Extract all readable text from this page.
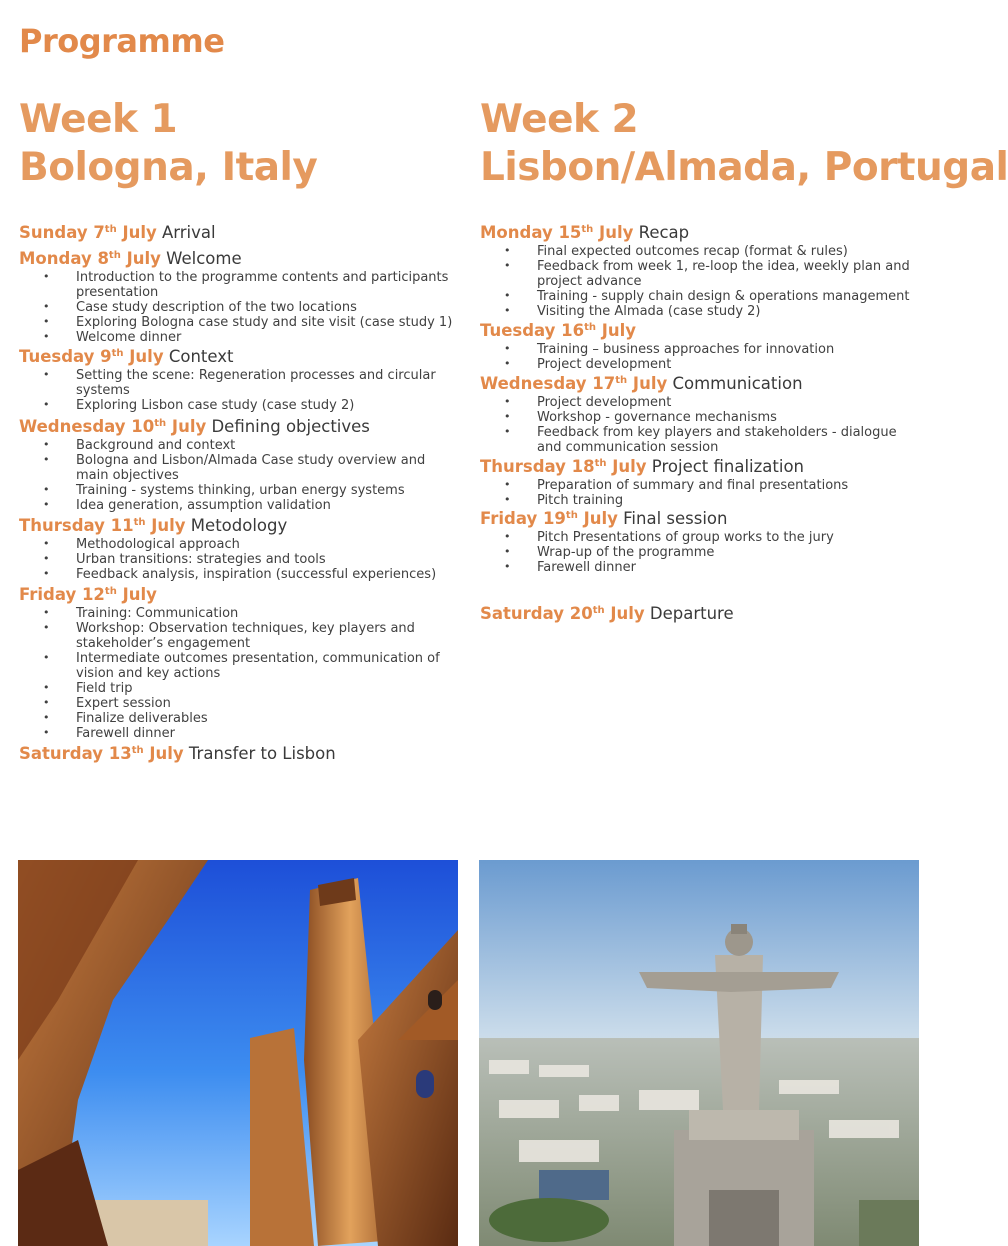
Programme
Week 1
Bologna, Italy
Sunday 7th July Arrival
Monday 8th July Welcome
• Introduction to the programme contents and participants presentation
• Case study description of the two locations
• Exploring Bologna case study and site visit (case study 1)
• Welcome dinner
Tuesday 9th July Context
• Setting the scene: Regeneration processes and circular systems
• Exploring Lisbon case study (case study 2)
Wednesday 10th July Defining objectives
• Background and context
• Bologna and Lisbon/Almada Case study overview and main objectives
• Training - systems thinking, urban energy systems
• Idea generation, assumption validation
Thursday 11th July Metodology
• Methodological approach
• Urban transitions: strategies and tools
• Feedback analysis, inspiration (successful experiences)
Friday 12th July
• Training: Communication
• Workshop: Observation techniques, key players and stakeholder’s engagement
• Intermediate outcomes presentation, communication of vision and key actions
• Field trip
• Expert session
• Finalize deliverables
• Farewell dinner
Saturday 13th July Transfer to Lisbon
Week 2
Lisbon/Almada, Portugal
Monday 15th July Recap
• Final expected outcomes recap (format & rules)
• Feedback from week 1, re-loop the idea, weekly plan and project advance
• Training - supply chain design & operations management
• Visiting the Almada (case study 2)
Tuesday 16th July
• Training – business approaches for innovation
• Project development
Wednesday 17th July Communication
• Project development
• Workshop - governance mechanisms
• Feedback from key players and stakeholders - dialogue and communication session
Thursday 18th July Project finalization
• Preparation of summary and final presentations
• Pitch training
Friday 19th July Final session
• Pitch Presentations of group works to the jury
• Wrap-up of the programme
• Farewell dinner
Saturday 20th July Departure
